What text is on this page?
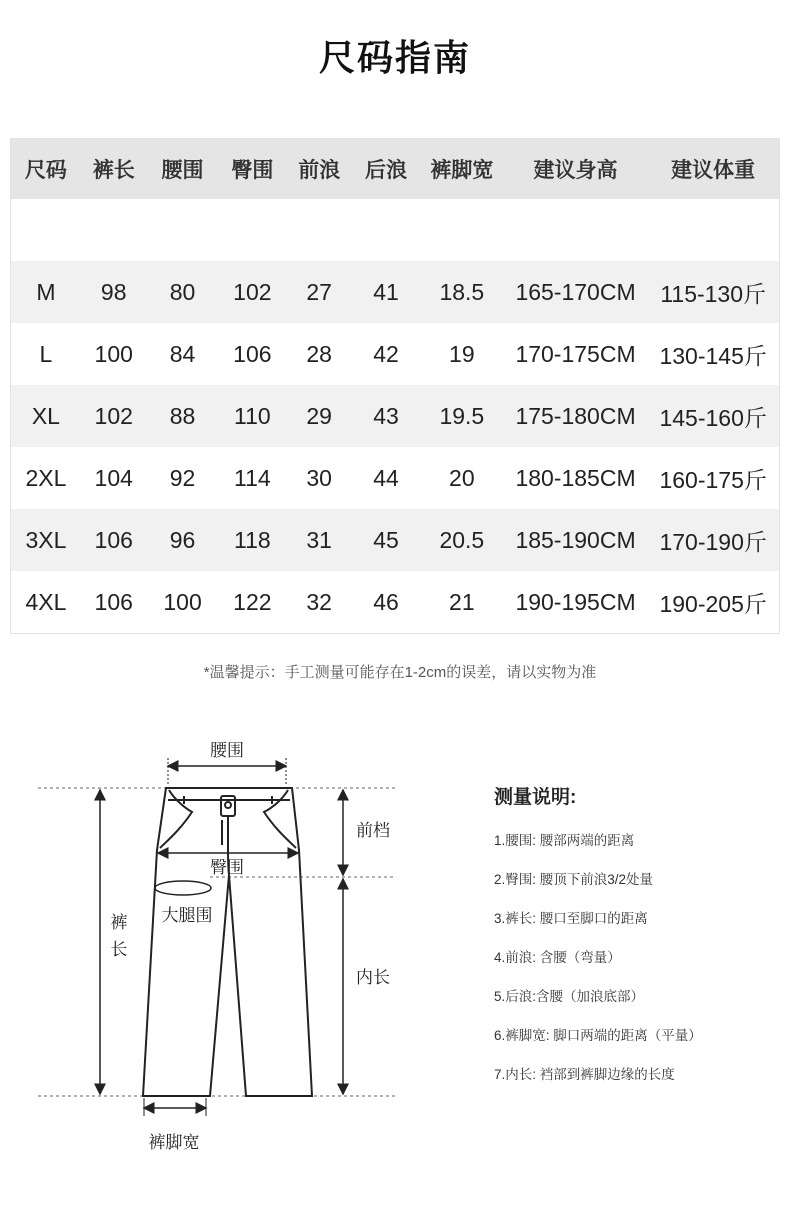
尺码指南
尺码	裤长	腰围	臀围	前浪	后浪	裤脚宽	建议身高	建议体重
M	98	80	102	27	41	18.5	165-170CM	115-130斤
L	100	84	106	28	42	19	170-175CM	130-145斤
XL	102	88	110	29	43	19.5	175-180CM	145-160斤
2XL	104	92	114	30	44	20	180-185CM	160-175斤
3XL	106	96	118	31	45	20.5	185-190CM	170-190斤
4XL	106	100	122	32	46	21	190-195CM	190-205斤
*温馨提示：手工测量可能存在1-2cm的误差，请以实物为准
腰围
臀围
大腿围
裤
长
前档
内长
裤脚宽
测量说明:
1.腰围: 腰部两端的距离
2.臀围: 腰顶下前浪3/2处量
3.裤长: 腰口至脚口的距离
4.前浪: 含腰（弯量）
5.后浪:含腰（加浪底部）
6.裤脚宽: 脚口两端的距离（平量）
7.内长: 裆部到裤脚边缘的长度
